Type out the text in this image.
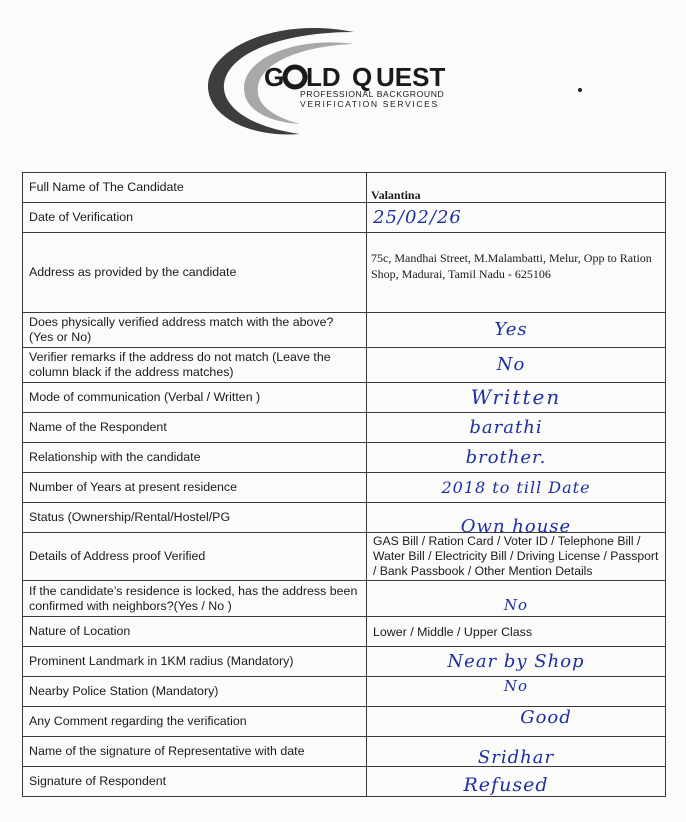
G LD Q UEST
PROFESSIONAL BACKGROUND
VERIFICATION SERVICES
Full Name of The Candidate	Valantina
Date of Verification	25/02/26
Address as provided by the candidate	75c, Mandhai Street, M.Malambatti, Melur, Opp to Ration Shop, Madurai, Tamil Nadu - 625106
Does physically verified address match with the above? (Yes or No)	Yes
Verifier remarks if the address do not match (Leave the column black if the address matches)	No
Mode of communication (Verbal / Written )	Written
Name of the Respondent	barathi
Relationship with the candidate	brother.
Number of Years at present residence	2018 to till Date
Status (Ownership/Rental/Hostel/PG	Own house
Details of Address proof Verified	GAS Bill / Ration Card / Voter ID / Telephone Bill / Water Bill / Electricity Bill / Driving License / Passport / Bank Passbook / Other Mention Details
If the candidate’s residence is locked, has the address been confirmed with neighbors?(Yes / No )	No
Nature of Location	Lower / Middle / Upper Class
Prominent Landmark in 1KM radius (Mandatory)	Near by Shop
Nearby Police Station (Mandatory)	No
Any Comment regarding the verification	Good
Name of the signature of Representative with date	Sridhar
Signature of Respondent	Refused
